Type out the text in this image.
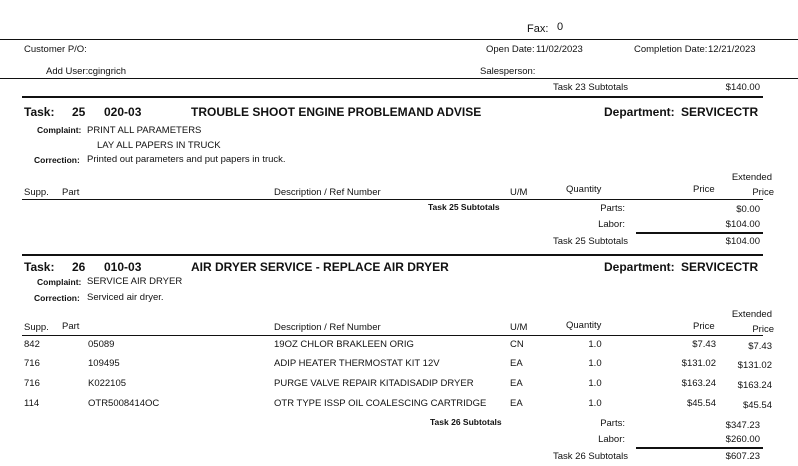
Fax: 0
Customer P/O:	Open Date: 11/02/2023	Completion Date: 12/21/2023
Add User: cgingrich	Salesperson:
Task 23 Subtotals	$140.00
Task: 25 020-03	TROUBLE SHOOT ENGINE PROBLEMAND ADVISE	Department: SERVICECTR
Complaint: PRINT ALL PARAMETERS
LAY ALL PAPERS IN TRUCK
Correction: Printed out parameters and put papers in truck.
Supp. Part	Description / Ref Number	U/M	Quantity	Price
Extended
Price
Task 25 Subtotals	Parts:	$0.00
Labor:	$104.00
Task 25 Subtotals	$104.00
Task: 26 010-03	AIR DRYER SERVICE - REPLACE AIR DRYER	Department: SERVICECTR
Complaint: SERVICE AIR DRYER
Correction: Serviced air dryer.
Supp. Part	Description / Ref Number	U/M	Quantity	Price
Extended
Price
842	05089	19OZ CHLOR BRAKLEEN ORIG	CN	1.0	$7.43	$7.43
716	109495	ADIP HEATER THERMOSTAT KIT 12V	EA	1.0	$131.02	$131.02
716	K022105	PURGE VALVE REPAIR KITADISADIP DRYER	EA	1.0	$163.24	$163.24
114	OTR5008414OC	OTR TYPE ISSP OIL COALESCING CARTRIDGE EA	1.0	$45.54	$45.54
Task 26 Subtotals	Parts:	$347.23
Labor:	$260.00
Task 26 Subtotals	$607.23
